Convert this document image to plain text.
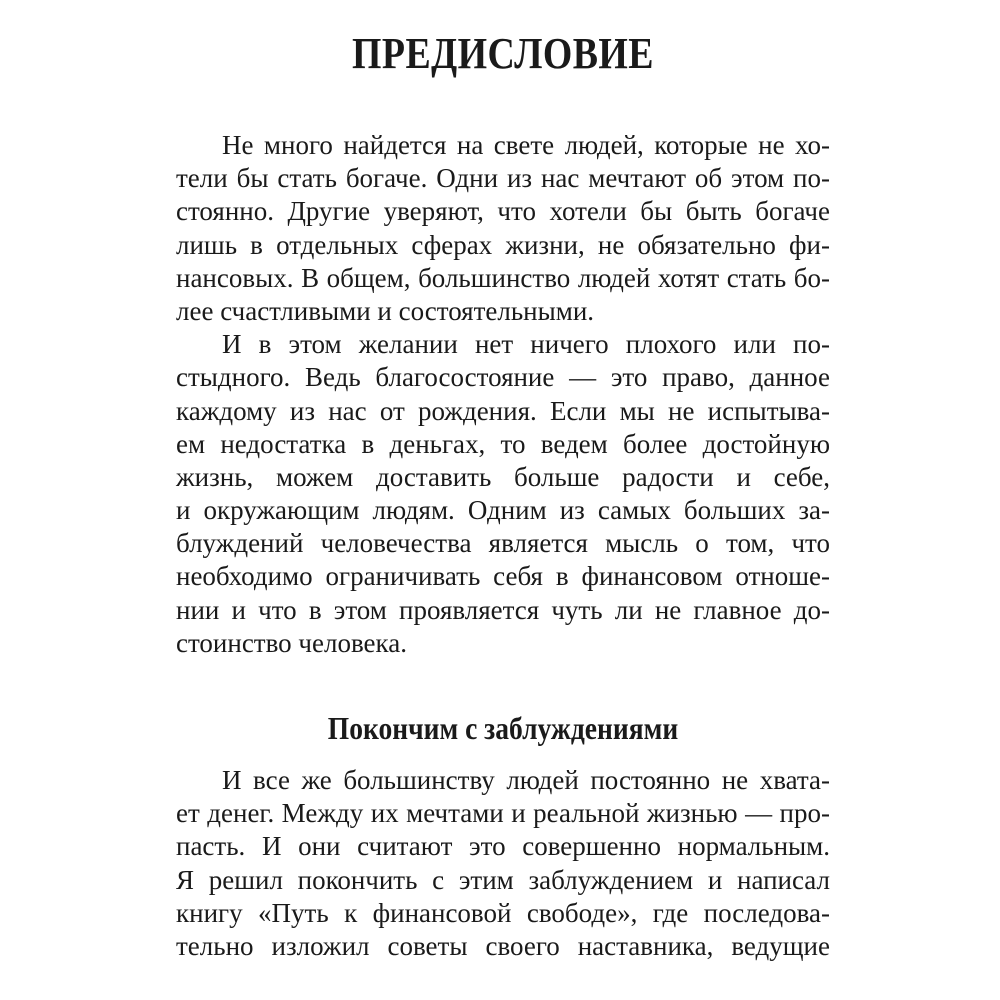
ПРЕДИСЛОВИЕ
Не много найдется на свете людей, которые не хо-
тели бы стать богаче. Одни из нас мечтают об этом по-
стоянно. Другие уверяют, что хотели бы быть богаче
лишь в отдельных сферах жизни, не обязательно фи-
нансовых. В общем, большинство людей хотят стать бо-
лее счастливыми и состоятельными.
И в этом желании нет ничего плохого или по-
стыдного. Ведь благосостояние — это право, данное
каждому из нас от рождения. Если мы не испытыва-
ем недостатка в деньгах, то ведем более достойную
жизнь, можем доставить больше радости и себе,
и окружающим людям. Одним из самых больших за-
блуждений человечества является мысль о том, что
необходимо ограничивать себя в финансовом отноше-
нии и что в этом проявляется чуть ли не главное до-
стоинство человека.
Покончим с заблуждениями
И все же большинству людей постоянно не хвата-
ет денег. Между их мечтами и реальной жизнью — про-
пасть. И они считают это совершенно нормальным.
Я решил покончить с этим заблуждением и написал
книгу «Путь к финансовой свободе», где последова-
тельно изложил советы своего наставника, ведущие
